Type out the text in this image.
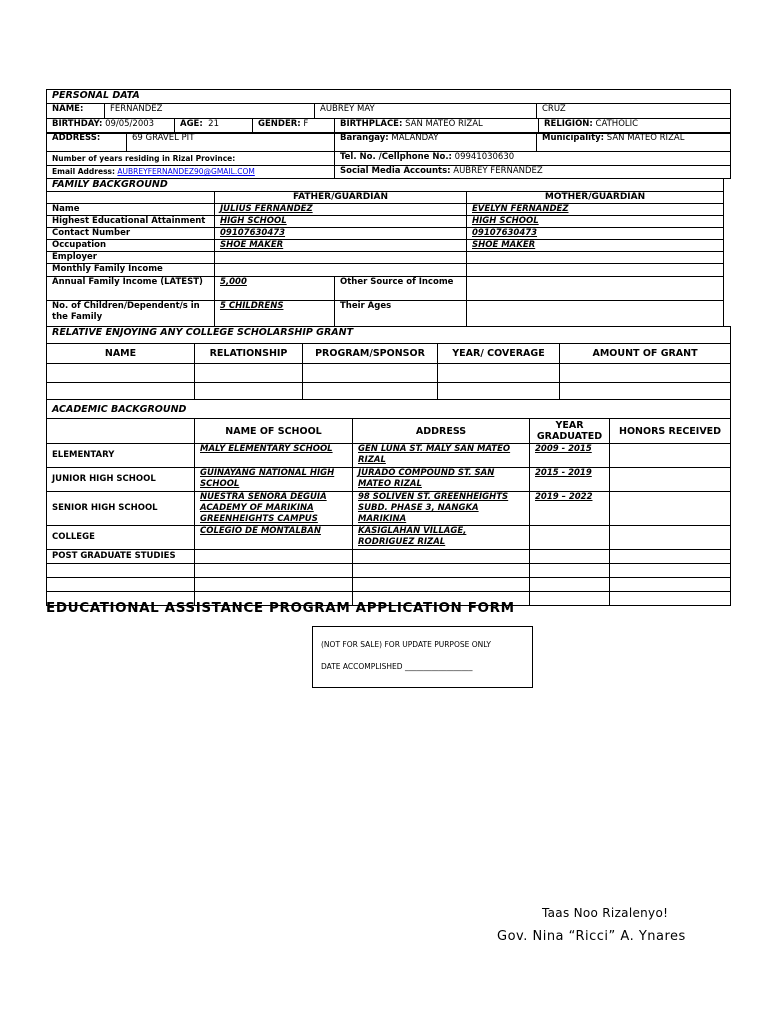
PERSONAL DATA
NAME:	FERNANDEZ	AUBREY MAY	CRUZ
BIRTHDAY: 09/05/2003	AGE: 21	GENDER: F	BIRTHPLACE: SAN MATEO RIZAL	RELIGION: CATHOLIC
ADDRESS:	69 GRAVEL PIT	Barangay: MALANDAY	Municipality: SAN MATEO RIZAL
Number of years residing in Rizal Province:	Tel. No. /Cellphone No.: 09941030630
Email Address: AUBREYFERNANDEZ90@GMAIL.COM	Social Media Accounts: AUBREY FERNANDEZ
FAMILY BACKGROUND			
	FATHER/GUARDIAN		MOTHER/GUARDIAN
Name	JULIUS FERNANDEZ		EVELYN FERNANDEZ
Highest Educational Attainment	HIGH SCHOOL		HIGH SCHOOL
Contact Number	09107630473		09107630473
Occupation	SHOE MAKER		SHOE MAKER
Employer			
Monthly Family Income			
Annual Family Income (LATEST)	5,000	Other Source of Income	
No. of Children/Dependent/s in the Family	5 CHILDRENS	Their Ages	
RELATIVE ENJOYING ANY COLLEGE SCHOLARSHIP GRANT							
NAME	RELATIONSHIP	PROGRAM/SPONSOR		YEAR/ COVERAGE		AMOUNT OF GRANT	

ACADEMIC BACKGROUND							
	NAME OF SCHOOL		ADDRESS		YEAR GRADUATED		HONORS RECEIVED
ELEMENTARY	MALY ELEMENTARY SCHOOL		GEN LUNA ST. MALY SAN MATEO RIZAL		2009 - 2015		
JUNIOR HIGH SCHOOL	GUINAYANG NATIONAL HIGH SCHOOL		JURADO COMPOUND ST. SAN MATEO RIZAL		2015 - 2019		
SENIOR HIGH SCHOOL	NUESTRA SEÑORA DEGUIA ACADEMY OF MARIKINA GREENHEIGHTS CAMPUS		98 SOLIVEN ST. GREENHEIGHTS SUBD. PHASE 3, NANGKA MARIKINA		2019 – 2022		
COLLEGE	COLEGIO DE MONTALBAN		KASIGLAHAN VILLAGE, RODRIGUEZ RIZAL				
POST GRADUATE STUDIES							

EDUCATIONAL ASSISTANCE PROGRAM APPLICATION FORM
(NOT FOR SALE) FOR UPDATE PURPOSE ONLY
DATE ACCOMPLISHED __________________
Taas Noo Rizalenyo!
Gov. Nina “Ricci” A. Ynares
